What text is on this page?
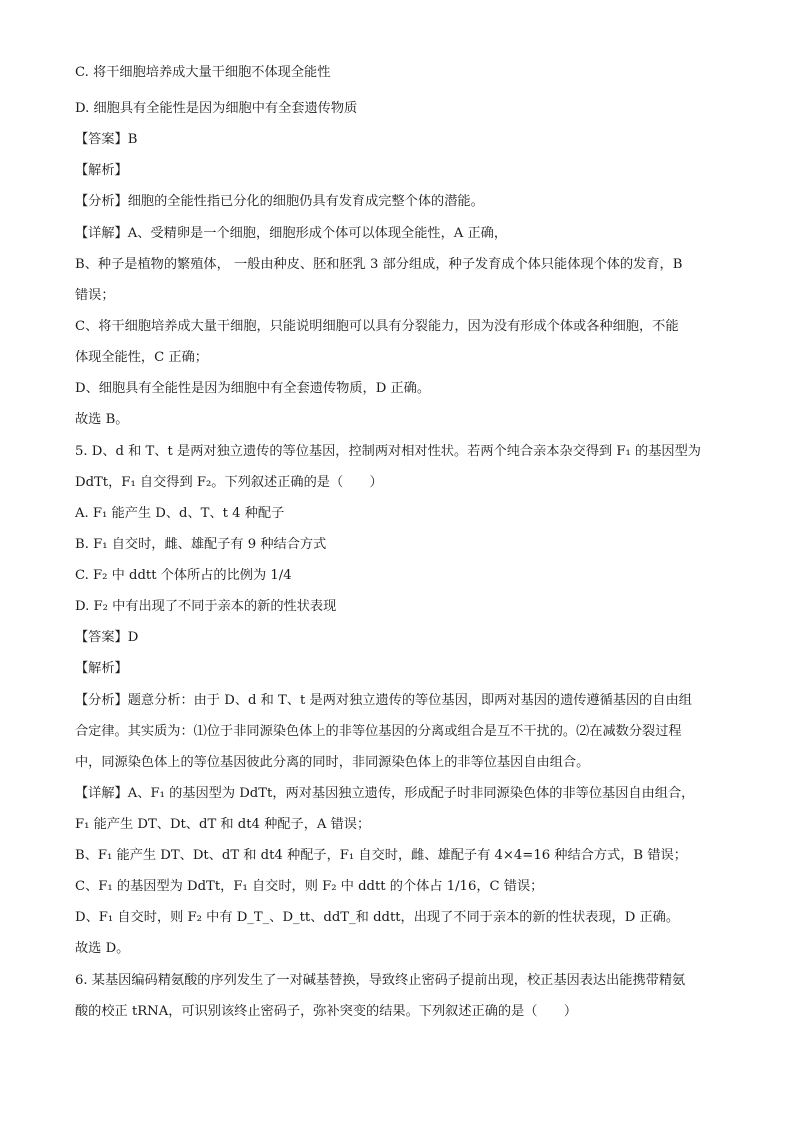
C. 将干细胞培养成大量干细胞不体现全能性
D. 细胞具有全能性是因为细胞中有全套遗传物质
【答案】B
【解析】
【分析】细胞的全能性指已分化的细胞仍具有发育成完整个体的潜能。
【详解】A、受精卵是一个细胞，细胞形成个体可以体现全能性，A 正确，
B、种子是植物的繁殖体， 一般由种皮、胚和胚乳 3 部分组成，种子发育成个体只能体现个体的发育，B
错误；
C、将干细胞培养成大量干细胞，只能说明细胞可以具有分裂能力，因为没有形成个体或各种细胞，不能
体现全能性，C 正确；
D、细胞具有全能性是因为细胞中有全套遗传物质，D 正确。
故选 B。
5. D、d 和 T、t 是两对独立遗传的等位基因，控制两对相对性状。若两个纯合亲本杂交得到 F₁ 的基因型为
DdTt，F₁ 自交得到 F₂。下列叙述正确的是（　　）
A. F₁ 能产生 D、d、T、t 4 种配子
B. F₁ 自交时，雌、雄配子有 9 种结合方式
C. F₂ 中 ddtt 个体所占的比例为 1/4
D. F₂ 中有出现了不同于亲本的新的性状表现
【答案】D
【解析】
【分析】题意分析：由于 D、d 和 T、t 是两对独立遗传的等位基因，即两对基因的遗传遵循基因的自由组
合定律。其实质为：⑴位于非同源染色体上的非等位基因的分离或组合是互不干扰的。⑵在减数分裂过程
中，同源染色体上的等位基因彼此分离的同时，非同源染色体上的非等位基因自由组合。
【详解】A、F₁ 的基因型为 DdTt，两对基因独立遗传，形成配子时非同源染色体的非等位基因自由组合，
F₁ 能产生 DT、Dt、dT 和 dt4 种配子，A 错误；
B、F₁ 能产生 DT、Dt、dT 和 dt4 种配子，F₁ 自交时，雌、雄配子有 4×4=16 种结合方式，B 错误；
C、F₁ 的基因型为 DdTt，F₁ 自交时，则 F₂ 中 ddtt 的个体占 1/16，C 错误；
D、F₁ 自交时，则 F₂ 中有 D_T_、D_tt、ddT_和 ddtt，出现了不同于亲本的新的性状表现，D 正确。
故选 D。
6. 某基因编码精氨酸的序列发生了一对碱基替换，导致终止密码子提前出现，校正基因表达出能携带精氨
酸的校正 tRNA，可识别该终止密码子，弥补突变的结果。下列叙述正确的是（　　）
